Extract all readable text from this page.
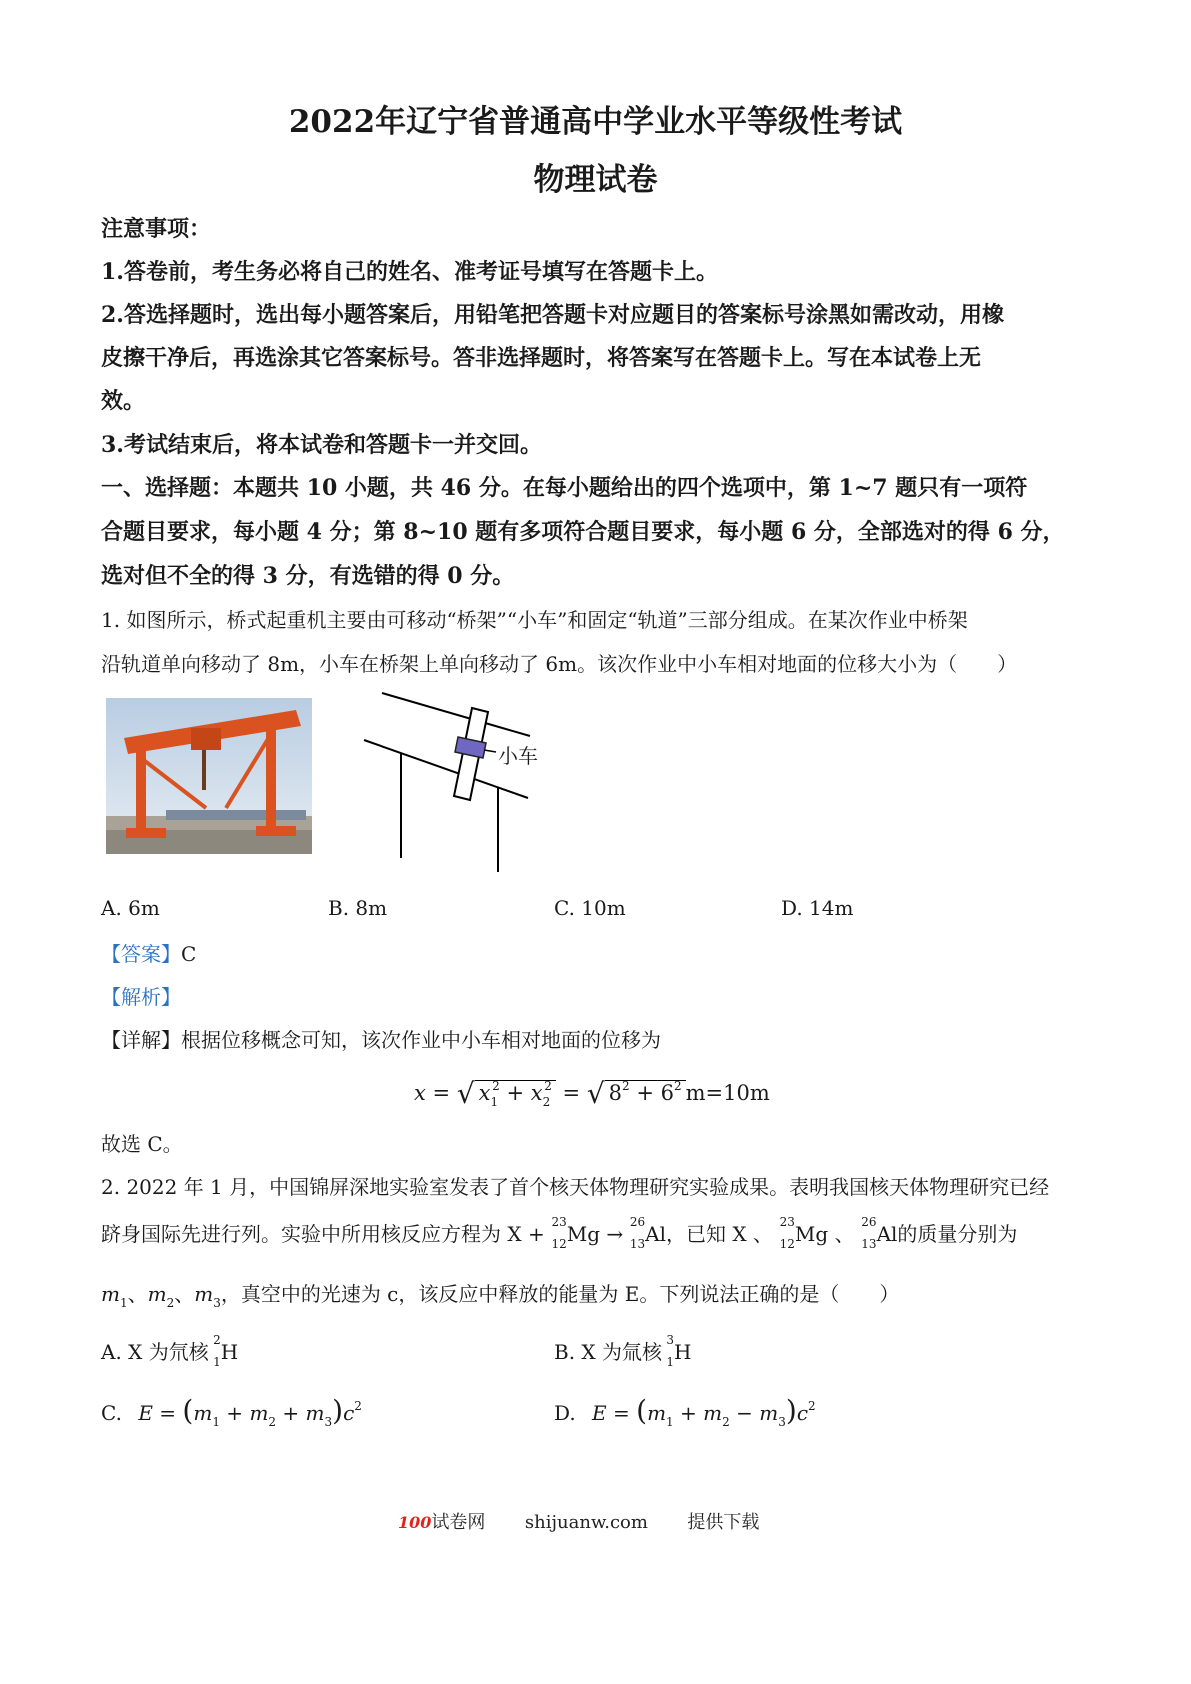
2022年辽宁省普通高中学业水平等级性考试
物理试卷
注意事项：
1.答卷前，考生务必将自己的姓名、准考证号填写在答题卡上。
2.答选择题时，选出每小题答案后，用铅笔把答题卡对应题目的答案标号涂黑如需改动，用橡
皮擦干净后，再选涂其它答案标号。答非选择题时，将答案写在答题卡上。写在本试卷上无
效。
3.考试结束后，将本试卷和答题卡一并交回。
一、选择题：本题共 10 小题，共 46 分。在每小题给出的四个选项中，第 1~7 题只有一项符
合题目要求，每小题 4 分；第 8~10 题有多项符合题目要求，每小题 6 分，全部选对的得 6 分，
选对但不全的得 3 分，有选错的得 0 分。
1. 如图所示，桥式起重机主要由可移动“桥架”“小车”和固定“轨道”三部分组成。在某次作业中桥架
沿轨道单向移动了 8m，小车在桥架上单向移动了 6m。该次作业中小车相对地面的位移大小为（　　）
小车
A. 6m	B. 8m	C. 10m	D. 14m
【答案】C
【解析】
【详解】根据位移概念可知，该次作业中小车相对地面的位移为
x = √ $x_1^2 + x_2^2$ = √ $8^2 + 6^2$ m=10m
故选 C。
2. 2022 年 1 月，中国锦屏深地实验室发表了首个核天体物理研究实验成果。表明我国核天体物理研究已经
跻身国际先进行列。实验中所用核反应方程为 X + 23
12 Mg → 26
13 Al，已知 X 、 23
12 Mg 、 26
13 Al的质量分别为
$m_1$、$m_2$、$m_3$，真空中的光速为 c，该反应中释放的能量为 E。下列说法正确的是（　　）
A. X 为氘核 2
1 H	B. X 为氚核 3
1 H
C. $E = (m_1 + m_2 + m_3)c^2$	D. $E = (m_1 + m_2 - m_3)c^2$
100试卷网 shijuanw.com 提供下载
